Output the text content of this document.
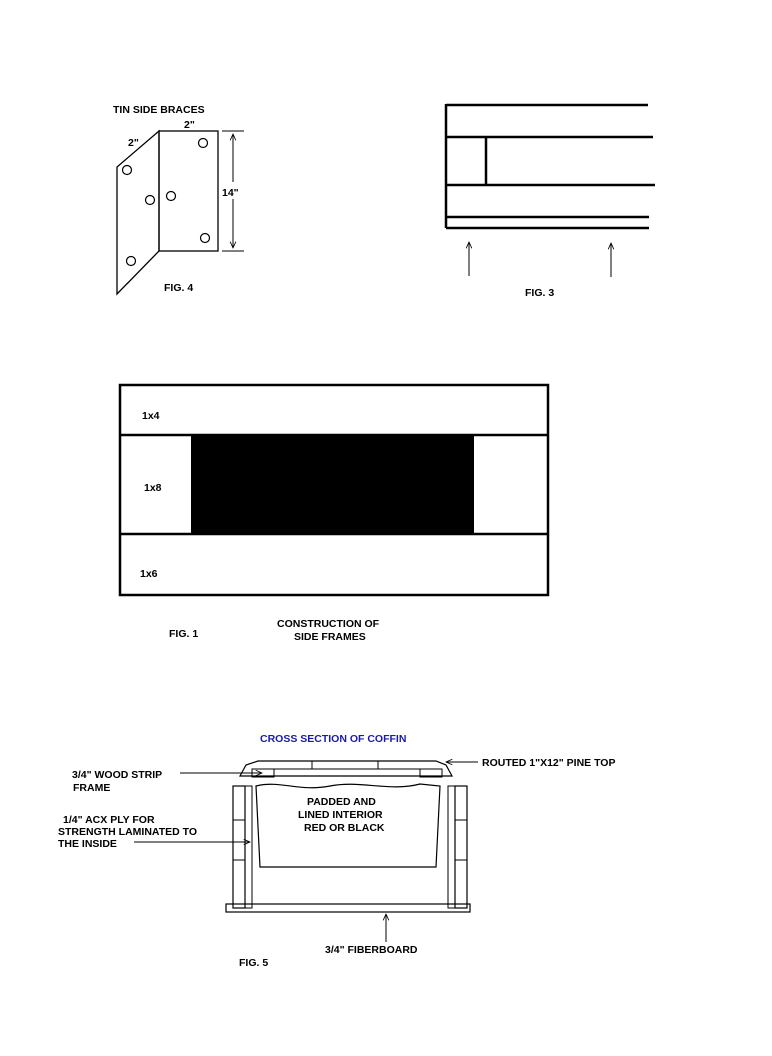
TIN SIDE BRACES
2"
2"
14"
FIG. 4	FIG. 3
1x4
1x8
1x6
FIG. 1
CONSTRUCTION OF
SIDE FRAMES
CROSS SECTION OF COFFIN
3/4" WOOD STRIP
FRAME
1/4" ACX PLY FOR
STRENGTH LAMINATED TO
THE INSIDE
ROUTED 1"X12" PINE TOP
PADDED AND
LINED INTERIOR
RED OR BLACK
3/4" FIBERBOARD
FIG. 5
